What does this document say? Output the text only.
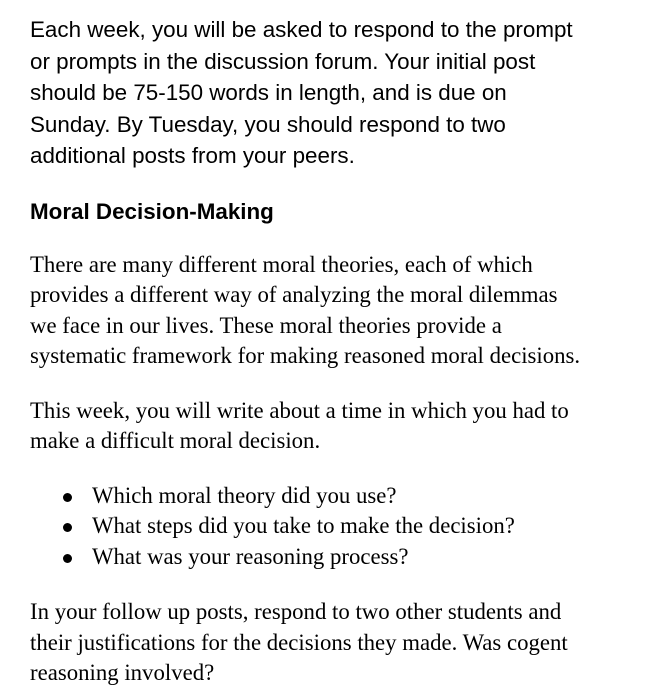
Each week, you will be asked to respond to the prompt
or prompts in the discussion forum. Your initial post
should be 75-150 words in length, and is due on
Sunday. By Tuesday, you should respond to two
additional posts from your peers.

Moral Decision-Making

There are many different moral theories, each of which
provides a different way of analyzing the moral dilemmas
we face in our lives. These moral theories provide a
systematic framework for making reasoned moral decisions.

This week, you will write about a time in which you had to
make a difficult moral decision.

Which moral theory did you use?
What steps did you take to make the decision?
What was your reasoning process?

In your follow up posts, respond to two other students and
their justifications for the decisions they made. Was cogent
reasoning involved?
